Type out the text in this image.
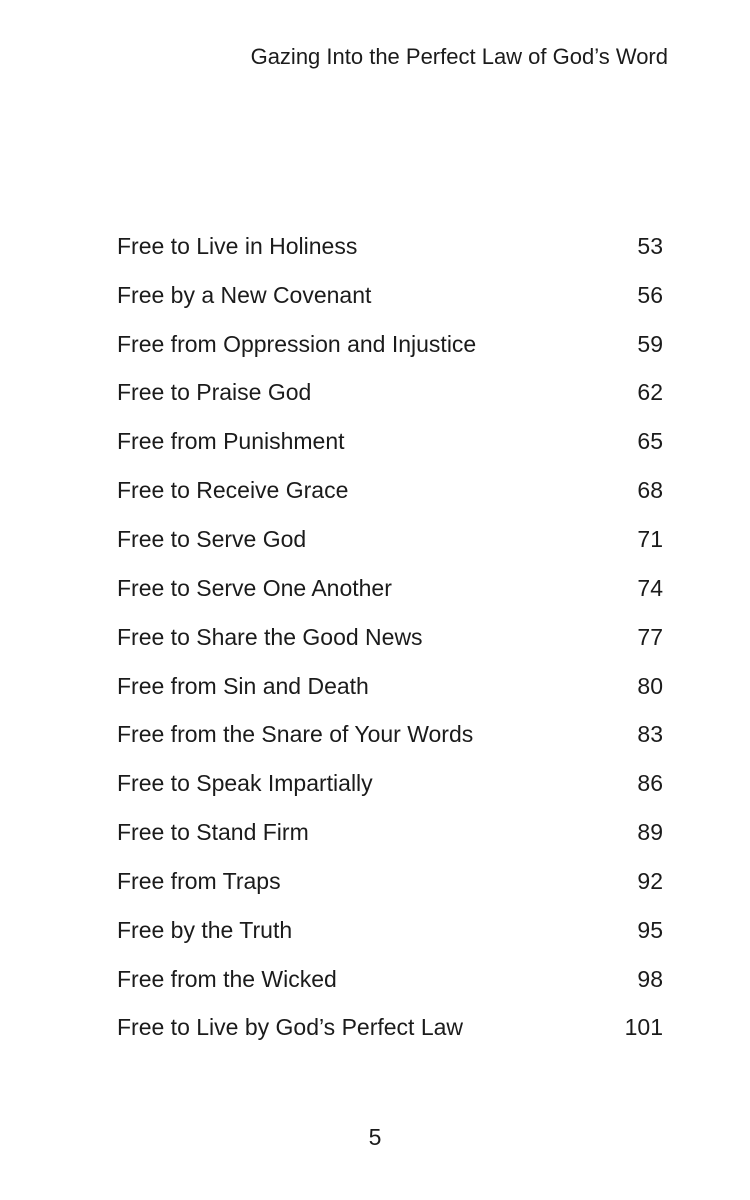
Gazing Into the Perfect Law of God’s Word
Free to Live in Holiness	53
Free by a New Covenant	56
Free from Oppression and Injustice	59
Free to Praise God	62
Free from Punishment	65
Free to Receive Grace	68
Free to Serve God	71
Free to Serve One Another	74
Free to Share the Good News	77
Free from Sin and Death	80
Free from the Snare of Your Words	83
Free to Speak Impartially	86
Free to Stand Firm	89
Free from Traps	92
Free by the Truth	95
Free from the Wicked	98
Free to Live by God’s Perfect Law	101
5
